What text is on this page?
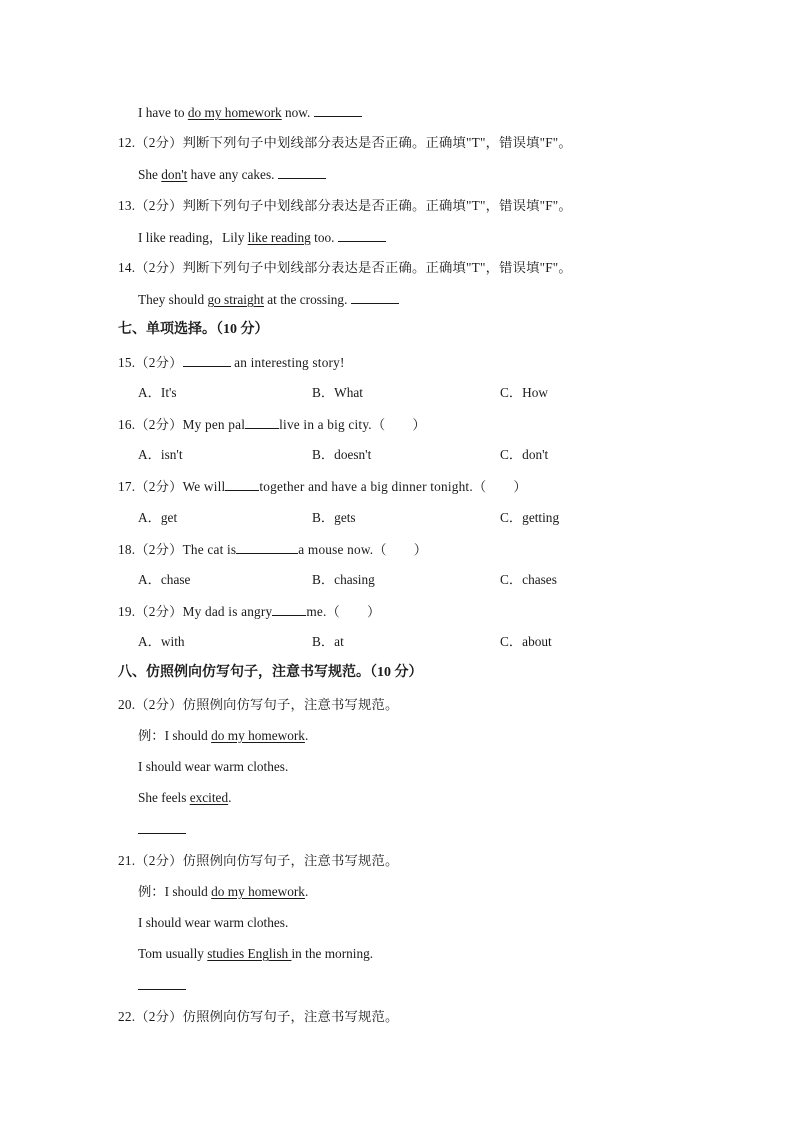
I have to do my homework now.
12.（2分）判断下列句子中划线部分表达是否正确。正确填"T"，错误填"F"。
She don't have any cakes.
13.（2分）判断下列句子中划线部分表达是否正确。正确填"T"，错误填"F"。
I like reading，Lily like reading too.
14.（2分）判断下列句子中划线部分表达是否正确。正确填"T"，错误填"F"。
They should go straight at the crossing.
七、单项选择。（10 分）
15.（2分）	an interesting story!
A．It's	B．What	C．How
16.（2分）My pen pal	live in a big city.（　　）
A．isn't	B．doesn't	C．don't
17.（2分）We will	together and have a big dinner tonight.（　　）
A．get	B．gets	C．getting
18.（2分）The cat is	a mouse now.（　　）
A．chase	B．chasing	C．chases
19.（2分）My dad is angry	me.（　　）
A．with	B．at	C．about
八、仿照例向仿写句子，注意书写规范。（10 分）
20.（2分）仿照例向仿写句子，注意书写规范。
例：I should do my homework.
I should wear warm clothes.
She feels excited.
21.（2分）仿照例向仿写句子，注意书写规范。
例：I should do my homework.
I should wear warm clothes.
Tom usually studies English in the morning.
22.（2分）仿照例向仿写句子，注意书写规范。
